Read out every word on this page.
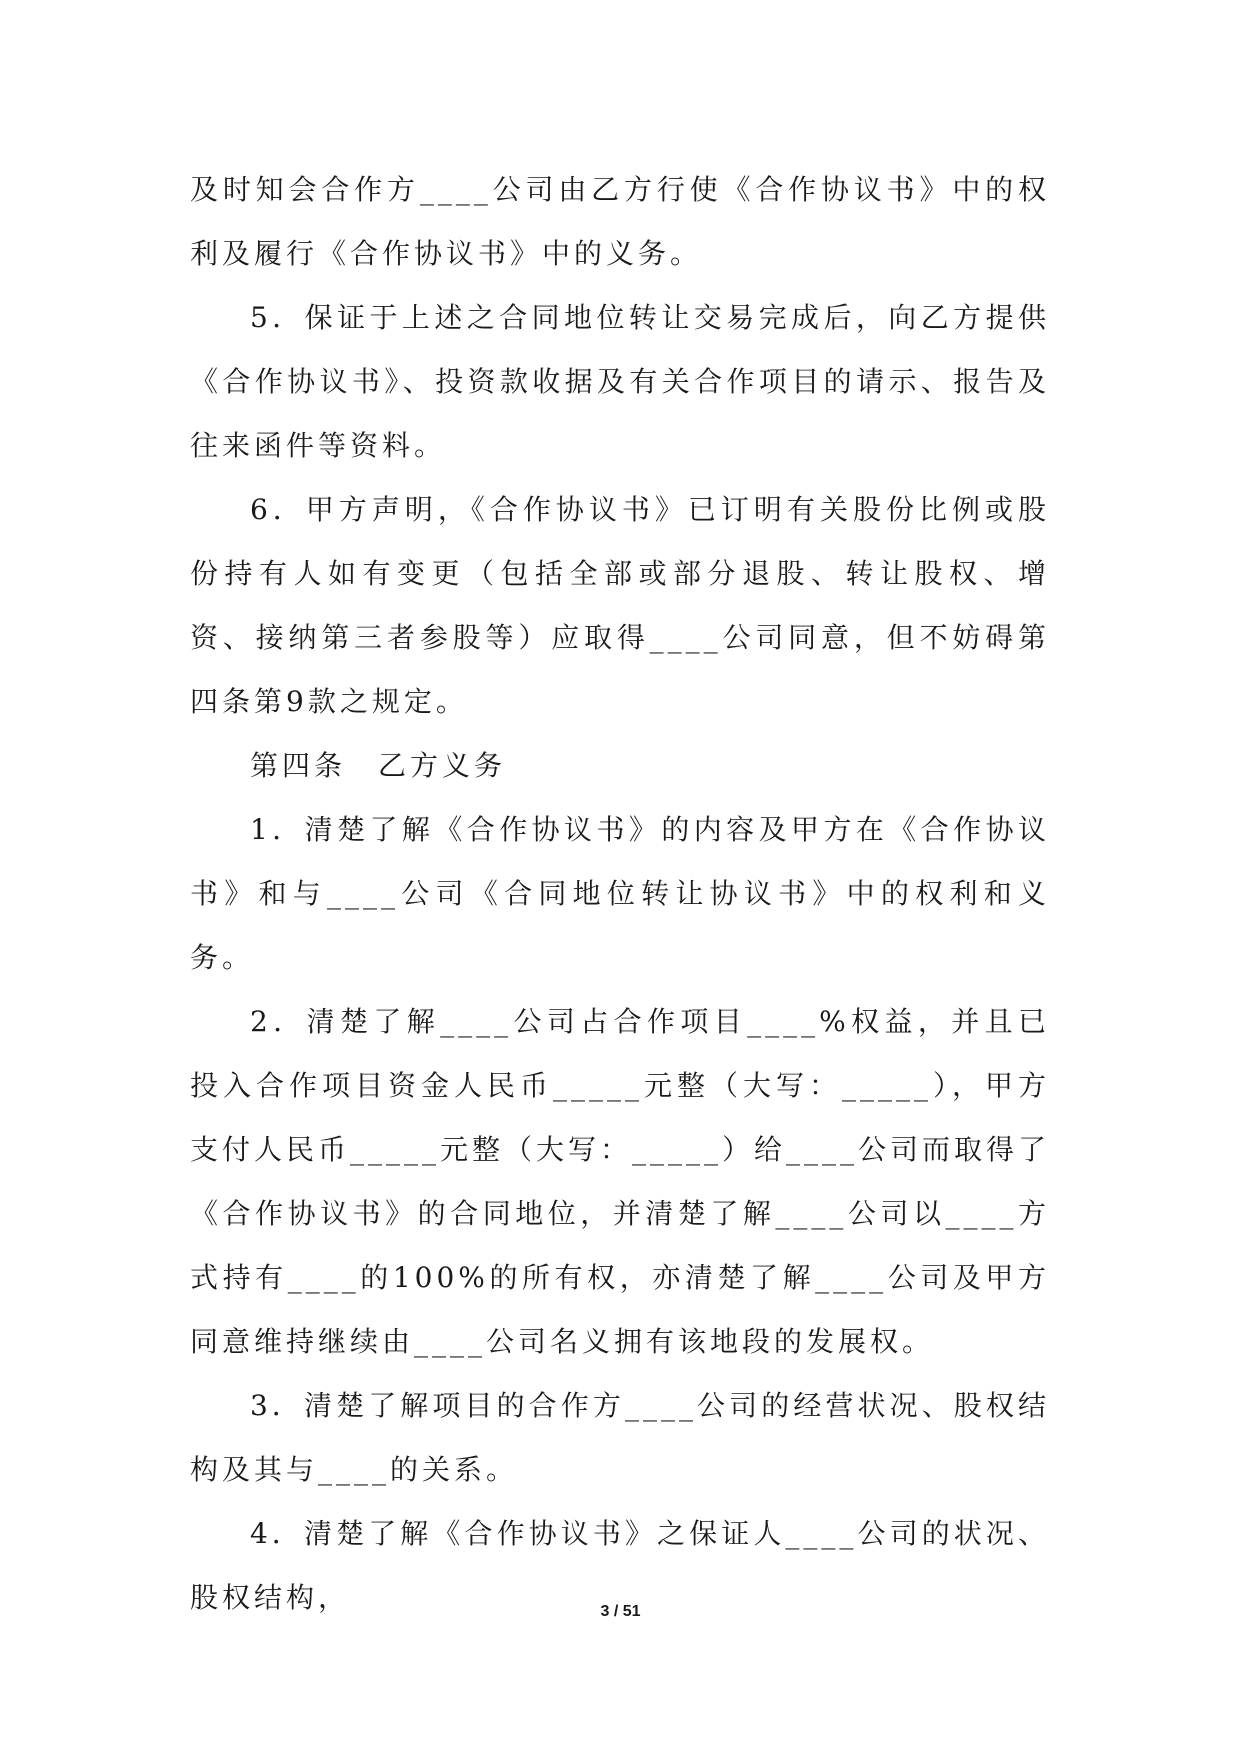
及时知会合作方____公司由乙方行使《合作协议书》中的权利及履行《合作协议书》中的义务。

5．保证于上述之合同地位转让交易完成后，向乙方提供《合作协议书》、投资款收据及有关合作项目的请示、报告及往来函件等资料。

6．甲方声明，《合作协议书》已订明有关股份比例或股份持有人如有变更（包括全部或部分退股、转让股权、增资、接纳第三者参股等）应取得____公司同意，但不妨碍第四条第9款之规定。

第四条　乙方义务

1．清楚了解《合作协议书》的内容及甲方在《合作协议书》和与____公司《合同地位转让协议书》中的权利和义务。

2．清楚了解____公司占合作项目____%权益，并且已投入合作项目资金人民币_____元整（大写：_____），甲方支付人民币_____元整（大写：_____）给____公司而取得了《合作协议书》的合同地位，并清楚了解____公司以____方式持有____的100%的所有权，亦清楚了解____公司及甲方同意维持继续由____公司名义拥有该地段的发展权。

3．清楚了解项目的合作方____公司的经营状况、股权结构及其与____的关系。

4．清楚了解《合作协议书》之保证人____公司的状况、股权结构，	3 / 51
